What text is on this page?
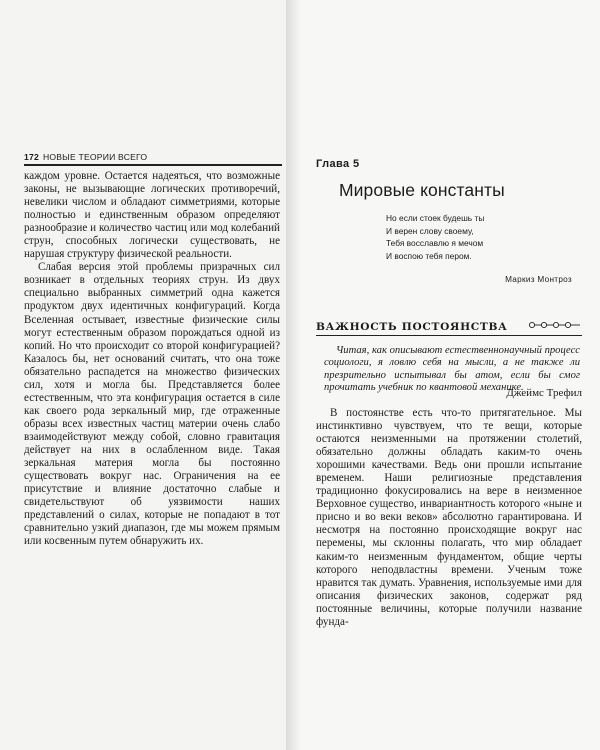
172 НОВЫЕ ТЕОРИИ ВСЕГО

каждом уровне. Остается надеяться, что возможные законы, не вызывающие логических противоречий, невелики числом и обладают симметриями, которые полностью и единственным образом определяют разнообразие и количество частиц или мод колебаний струн, способных логически существовать, не нарушая структуру физической реальности.

Слабая версия этой проблемы призрачных сил возникает в отдельных теориях струн. Из двух специально выбранных симметрий одна кажется продуктом двух идентичных конфигураций. Когда Вселенная остывает, известные физические силы могут естественным образом порождаться одной из копий. Но что происходит со второй конфигурацией? Казалось бы, нет оснований считать, что она тоже обязательно распадется на множество физических сил, хотя и могла бы. Представляется более естественным, что эта конфигурация остается в силе как своего рода зеркальный мир, где отраженные образы всех известных частиц материи очень слабо взаимодействуют между собой, словно гравитация действует на них в ослабленном виде. Такая зеркальная материя могла бы постоянно существовать вокруг нас. Ограничения на ее присутствие и влияние достаточно слабые и свидетельствуют об уязвимости наших представлений о силах, которые не попадают в тот сравнительно узкий диапазон, где мы можем прямым или косвенным путем обнаружить их.

Глава 5
Мировые константы
Но если стоек будешь ты
И верен слову своему,
Тебя восславлю я мечом
И воспою тебя пером.
Маркиз Монтроз
ВАЖНОСТЬ ПОСТОЯНСТВА

Читая, как описывают естественнонаучный процесс социологи, я ловлю себя на мысли, а не также ли презрительно испытывал бы атом, если бы смог прочитать учебник по квантовой механике.

Джеймс Трефил

В постоянстве есть что-то притягательное. Мы инстинктивно чувствуем, что те вещи, которые остаются неизменными на протяжении столетий, обязательно должны обладать каким-то очень хорошими качествами. Ведь они прошли испытание временем. Наши религиозные представления традиционно фокусировались на вере в неизменное Верховное существо, инвариантность которого «ныне и присно и во веки веков» абсолютно гарантирована. И несмотря на постоянно происходящие вокруг нас перемены, мы склонны полагать, что мир обладает каким-то неизменным фундаментом, общие черты которого неподвластны времени. Ученым тоже нравится так думать. Уравнения, используемые ими для описания физических законов, содержат ряд постоянные величины, которые получили название фунда-
